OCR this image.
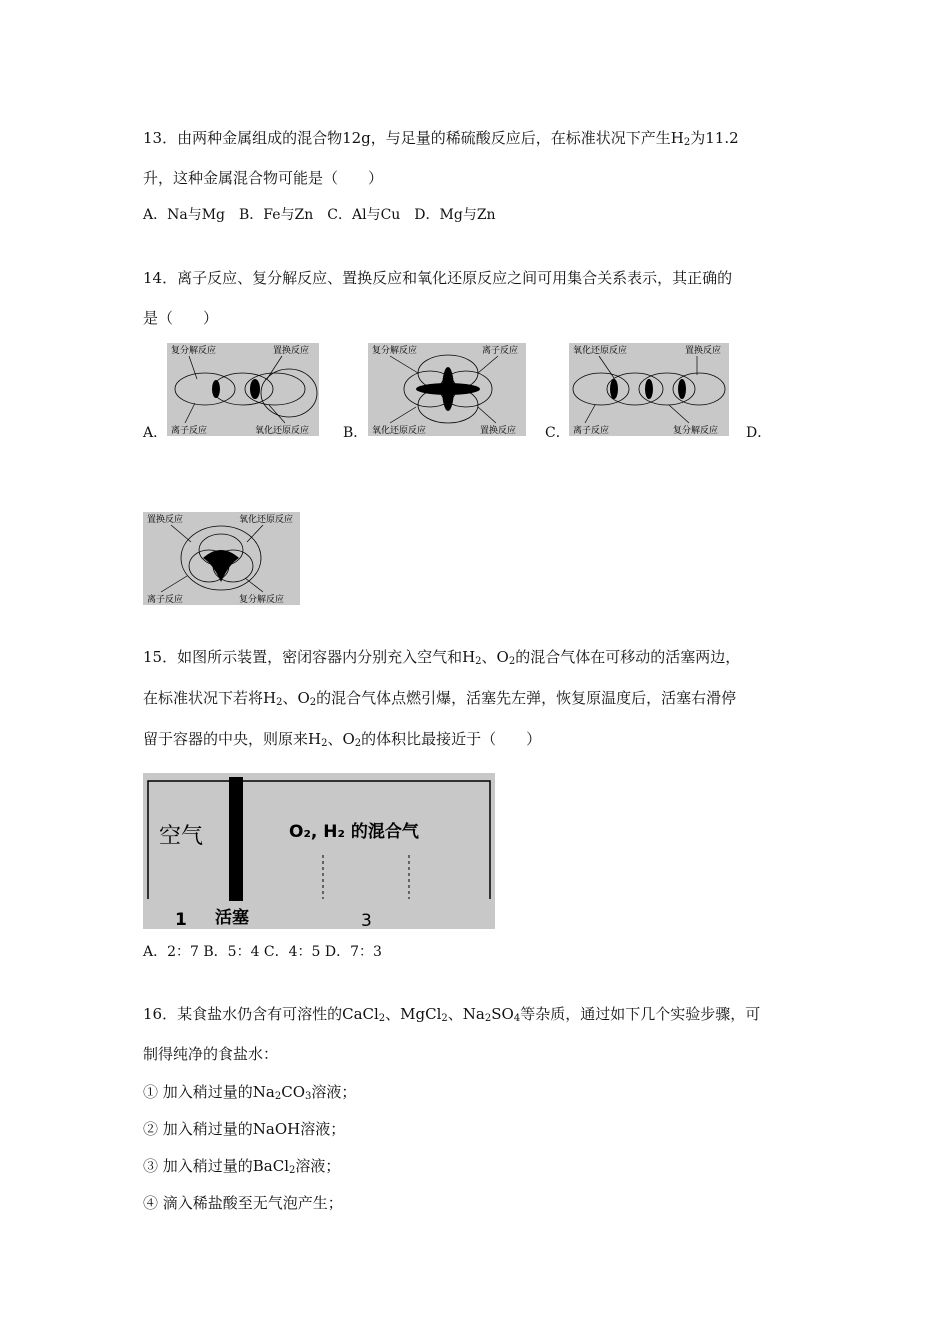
13．由两种金属组成的混合物12g，与足量的稀硫酸反应后，在标准状况下产生$H_2$为11.2
升，这种金属混合物可能是（　　）
A．Na与Mg　B．Fe与Zn　C．Al与Cu　D．Mg与Zn
14．离子反应、复分解反应、置换反应和氧化还原反应之间可用集合关系表示，其正确的
是（　　）
A．	B．	C．	D．
复分解反应	置换反应
离子反应	氧化还原反应
复分解反应	离子反应
氧化还原反应	置换反应
氧化还原反应	置换反应
离子反应	复分解反应
置换反应	氧化还原反应
离子反应	复分解反应
15．如图所示装置，密闭容器内分别充入空气和$H_2$、$O_2$的混合气体在可移动的活塞两边，
在标准状况下若将$H_2$、$O_2$的混合气体点燃引爆，活塞先左弹，恢复原温度后，活塞右滑停
留于容器的中央，则原来$H_2$、$O_2$的体积比最接近于（　　）
空气	O₂, H₂ 的混合气
1 活塞	3
A．2：7 B．5：4 C．4：5 D．7：3
16．某食盐水仍含有可溶性的CaCl$_2$、MgCl$_2$、$Na_2SO_4$等杂质，通过如下几个实验步骤，可
制得纯净的食盐水：
① 加入稍过量的$Na_2CO_3$溶液；
② 加入稍过量的NaOH溶液；
③ 加入稍过量的BaCl$_2$溶液；
④ 滴入稀盐酸至无气泡产生；
